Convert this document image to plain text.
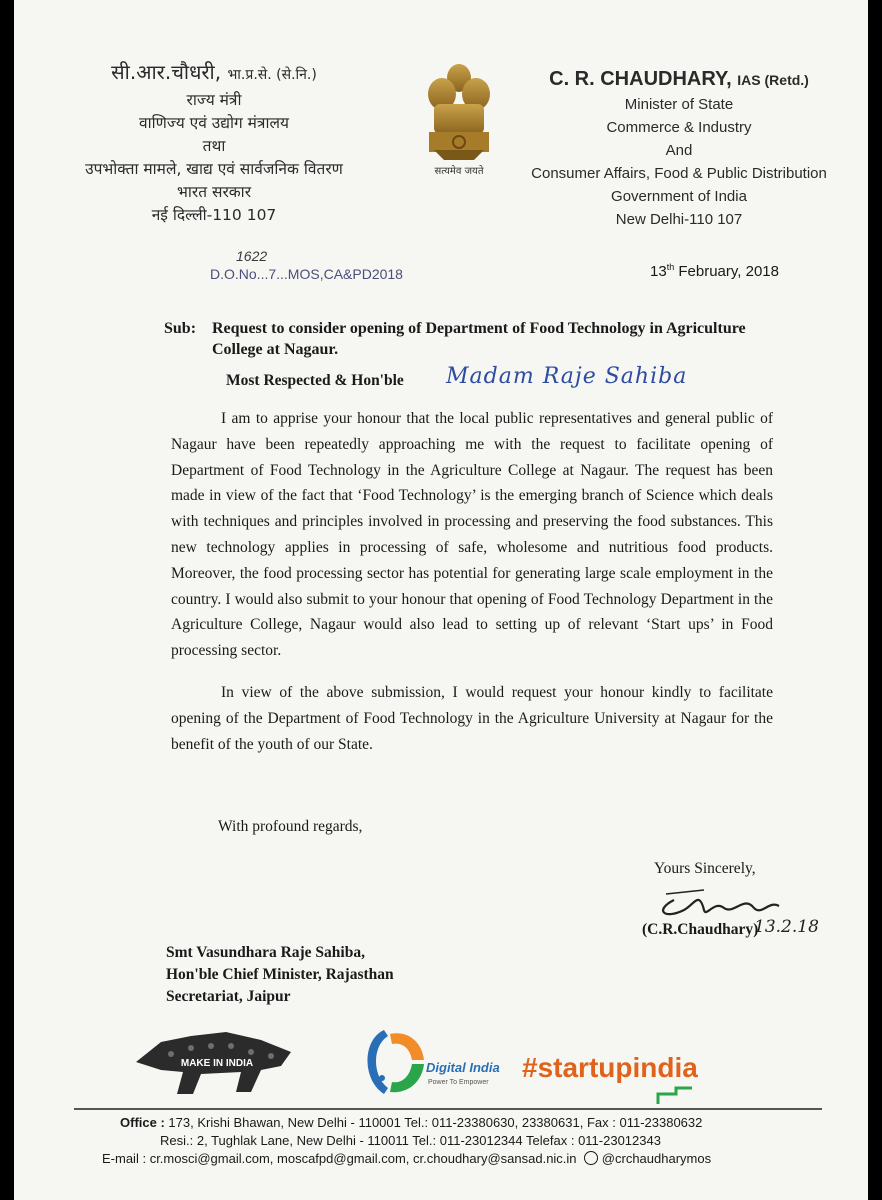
सी.आर.चौधरी, भा.प्र.से. (से.नि.)
राज्य मंत्री
वाणिज्य एवं उद्योग मंत्रालय
तथा
उपभोक्ता मामले, खाद्य एवं सार्वजनिक वितरण
भारत सरकार
नई दिल्ली-110 107
सत्यमेव जयते
C. R. CHAUDHARY, IAS (Retd.)
Minister of State
Commerce & Industry
And
Consumer Affairs, Food & Public Distribution
Government of India
New Delhi-110 107
1622
D.O.No...7...MOS,CA&PD2018	13th February, 2018
Sub: Request to consider opening of Department of Food Technology in Agriculture College at Nagaur.
Most Respected & Hon'ble Madam Raje Sahiba

I am to apprise your honour that the local public representatives and general public of Nagaur have been repeatedly approaching me with the request to facilitate opening of Department of Food Technology in the Agriculture College at Nagaur. The request has been made in view of the fact that ‘Food Technology’ is the emerging branch of Science which deals with techniques and principles involved in processing and preserving the food substances. This new technology applies in processing of safe, wholesome and nutritious food products. Moreover, the food processing sector has potential for generating large scale employment in the country. I would also submit to your honour that opening of Food Technology Department in the Agriculture College, Nagaur would also lead to setting up of relevant ‘Start ups’ in Food processing sector.

In view of the above submission, I would request your honour kindly to facilitate opening of the Department of Food Technology in the Agriculture University at Nagaur for the benefit of the youth of our State.

With profound regards,
Yours Sincerely,
13.2.18
(C.R.Chaudhary)
Smt Vasundhara Raje Sahiba,
Hon'ble Chief Minister, Rajasthan
Secretariat, Jaipur
MAKE IN INDIA	Digital India
Power To Empower #startupindia
Office : 173, Krishi Bhawan, New Delhi - 110001 Tel.: 011-23380630, 23380631, Fax : 011-23380632
Resi.: 2, Tughlak Lane, New Delhi - 110011 Tel.: 011-23012344 Telefax : 011-23012343
E-mail : cr.mosci@gmail.com, moscafpd@gmail.com, cr.choudhary@sansad.nic.in @crchaudharymos
